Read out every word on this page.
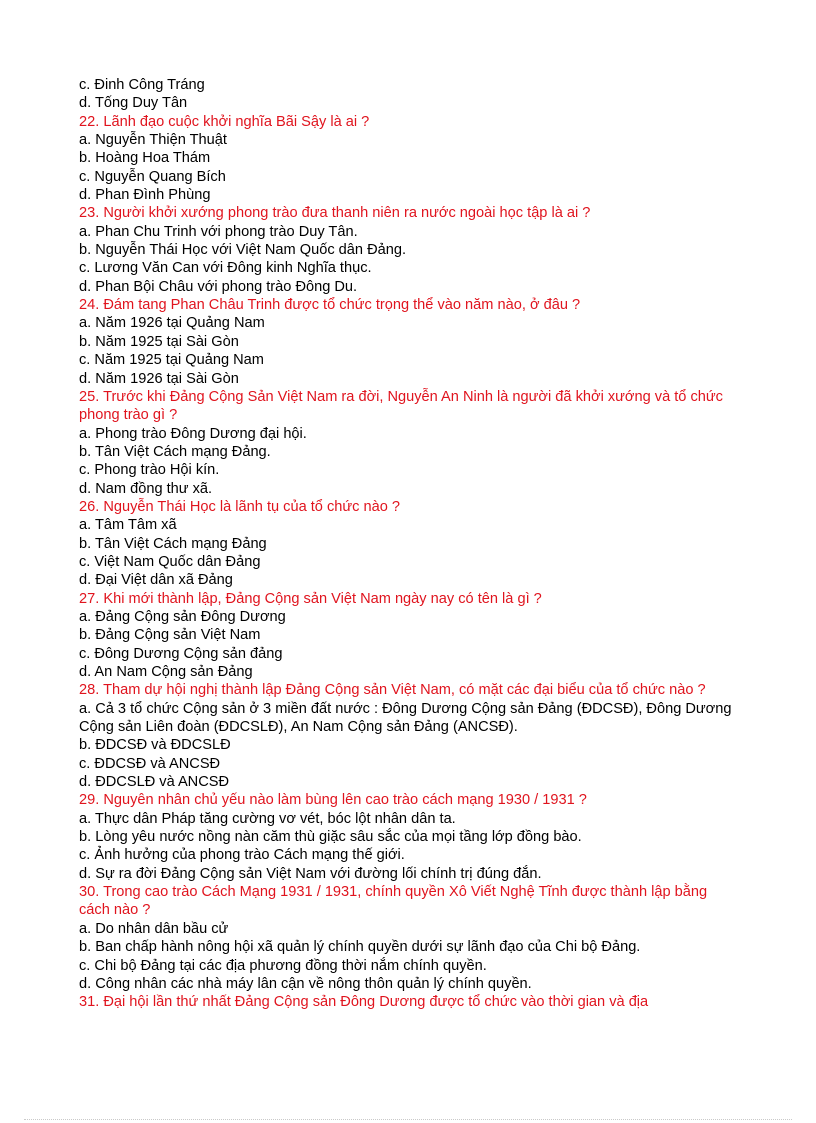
c. Đinh Công Tráng
d. Tống Duy Tân
22. Lãnh đạo cuộc khởi nghĩa Bãi Sậy là ai ?
a. Nguyễn Thiện Thuật
b. Hoàng Hoa Thám
c. Nguyễn Quang Bích
d. Phan Đình Phùng
23. Người khởi xướng phong trào đưa thanh niên ra nước ngoài học tập là ai ?
a. Phan Chu Trinh với phong trào Duy Tân.
b. Nguyễn Thái Học với Việt Nam Quốc dân Đảng.
c. Lương Văn Can với Đông kinh Nghĩa thục.
d. Phan Bội Châu với phong trào Đông Du.
24. Đám tang Phan Châu Trinh được tổ chức trọng thể vào năm nào, ở đâu ?
a. Năm 1926 tại Quảng Nam
b. Năm 1925 tại Sài Gòn
c. Năm 1925 tại Quảng Nam
d. Năm 1926 tại Sài Gòn
25. Trước khi Đảng Cộng Sản Việt Nam ra đời, Nguyễn An Ninh là người đã khởi xướng và tổ chức phong trào gì ?
a. Phong trào Đông Dương đại hội.
b. Tân Việt Cách mạng Đảng.
c. Phong trào Hội kín.
d. Nam đồng thư xã.
26. Nguyễn Thái Học là lãnh tụ của tổ chức nào ?
a. Tâm Tâm xã
b. Tân Việt Cách mạng Đảng
c. Việt Nam Quốc dân Đảng
d. Đại Việt dân xã Đảng
27. Khi mới thành lập, Đảng Cộng sản Việt Nam ngày nay có tên là gì ?
a. Đảng Cộng sản Đông Dương
b. Đảng Cộng sản Việt Nam
c. Đông Dương Cộng sản đảng
d. An Nam Cộng sản Đảng
28. Tham dự hội nghị thành lập Đảng Cộng sản Việt Nam, có mặt các đại biểu của tổ chức nào ?
a. Cả 3 tổ chức Cộng sản ở 3 miền đất nước : Đông Dương Cộng sản Đảng (ĐDCSĐ), Đông Dương Cộng sản Liên đoàn (ĐDCSLĐ), An Nam Cộng sản Đảng (ANCSĐ).
b. ĐDCSĐ và ĐDCSLĐ
c. ĐDCSĐ và ANCSĐ
d. ĐDCSLĐ và ANCSĐ
29. Nguyên nhân chủ yếu nào làm bùng lên cao trào cách mạng 1930 / 1931 ?
a. Thực dân Pháp tăng cường vơ vét, bóc lột nhân dân ta.
b. Lòng yêu nước nồng nàn căm thù giặc sâu sắc của mọi tầng lớp đồng bào.
c. Ảnh hưởng của phong trào Cách mạng thế giới.
d. Sự ra đời Đảng Cộng sản Việt Nam với đường lối chính trị đúng đắn.
30. Trong cao trào Cách Mạng 1931 / 1931, chính quyền Xô Viết Nghệ Tĩnh được thành lập bằng cách nào ?
a. Do nhân dân bầu cử
b. Ban chấp hành nông hội xã quản lý chính quyền dưới sự lãnh đạo của Chi bộ Đảng.
c. Chi bộ Đảng tại các địa phương đồng thời nắm chính quyền.
d. Công nhân các nhà máy lân cận về nông thôn quản lý chính quyền.
31. Đại hội lần thứ nhất Đảng Cộng sản Đông Dương được tổ chức vào thời gian và địa
